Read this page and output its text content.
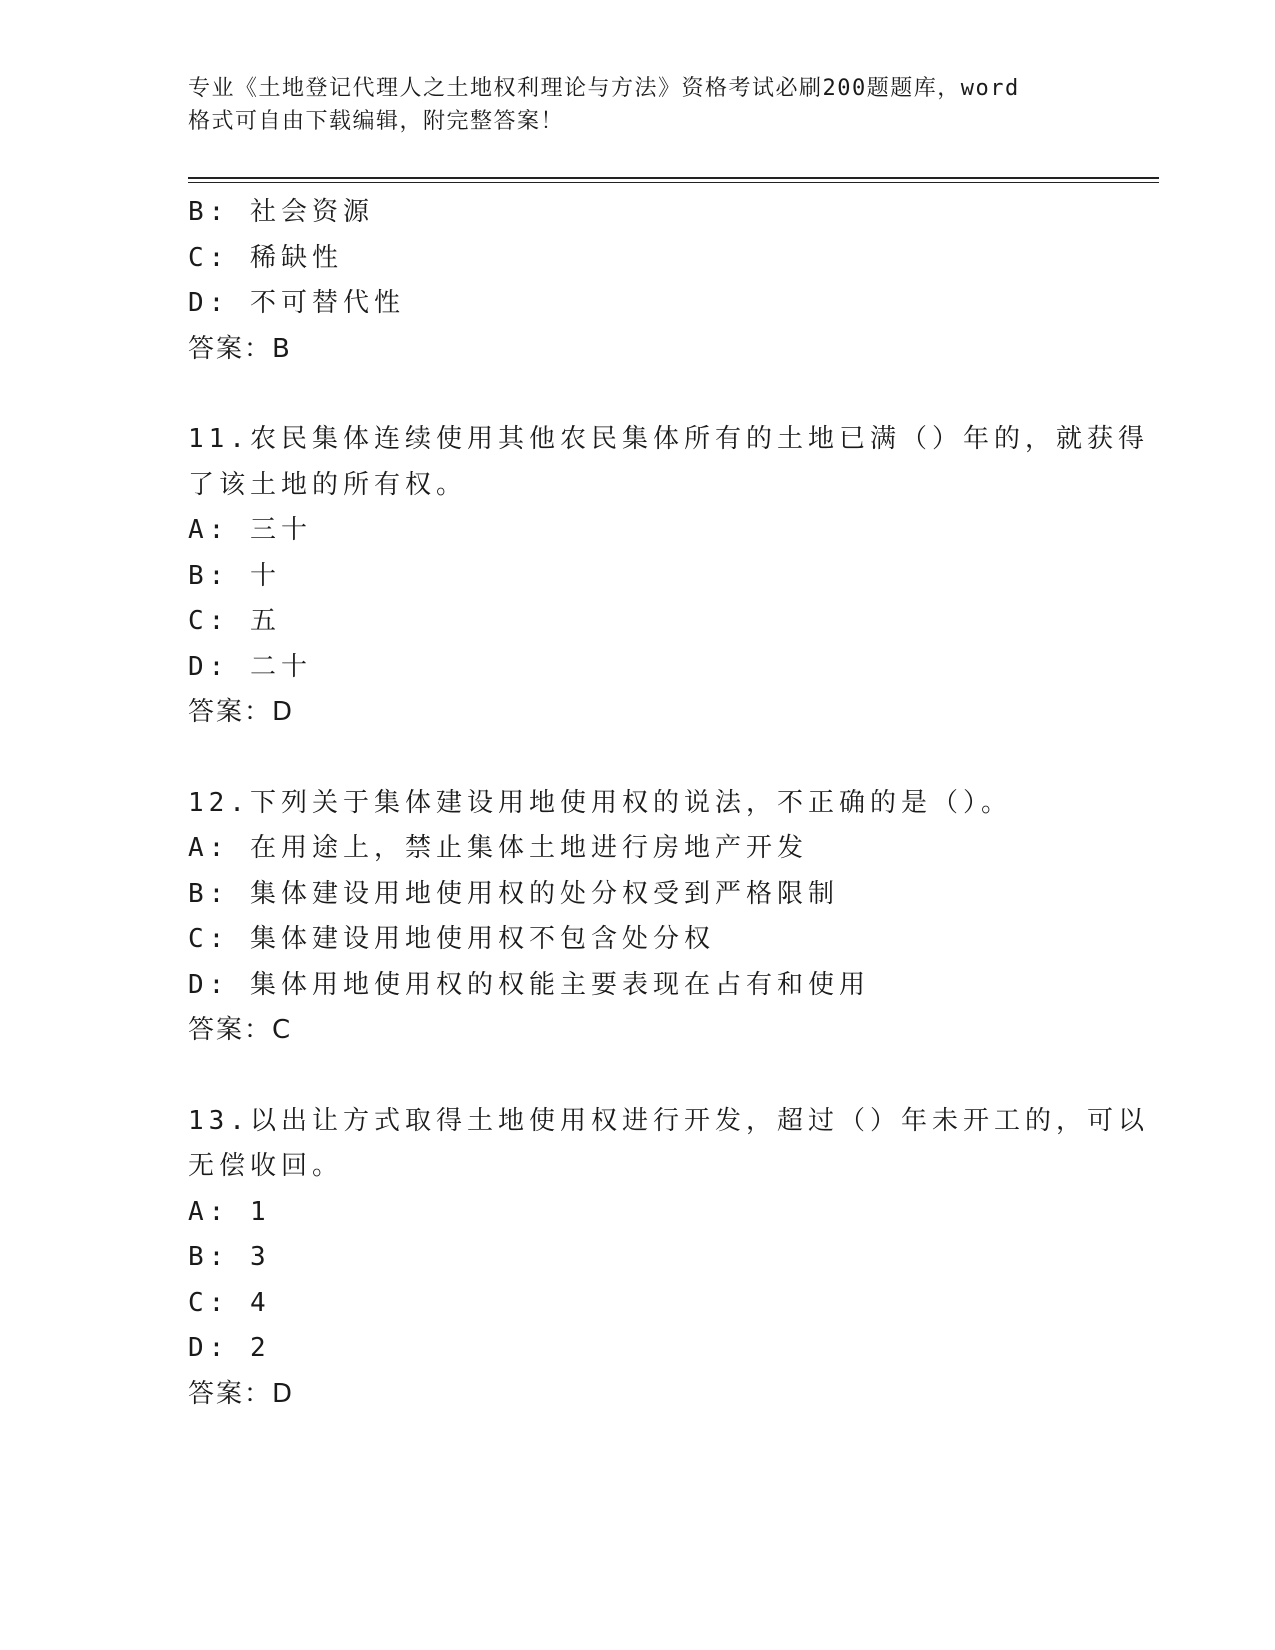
专业《土地登记代理人之土地权利理论与方法》资格考试必刷200题题库，word
格式可自由下载编辑，附完整答案！
B: 社会资源
C: 稀缺性
D: 不可替代性
答案：B
11.农民集体连续使用其他农民集体所有的土地已满（）年的，就获得
了该土地的所有权。
A: 三十
B: 十
C: 五
D: 二十
答案：D
12.下列关于集体建设用地使用权的说法，不正确的是（）。
A: 在用途上，禁止集体土地进行房地产开发
B: 集体建设用地使用权的处分权受到严格限制
C: 集体建设用地使用权不包含处分权
D: 集体用地使用权的权能主要表现在占有和使用
答案：C
13.以出让方式取得土地使用权进行开发，超过（）年未开工的，可以
无偿收回。
A: 1
B: 3
C: 4
D: 2
答案：D
